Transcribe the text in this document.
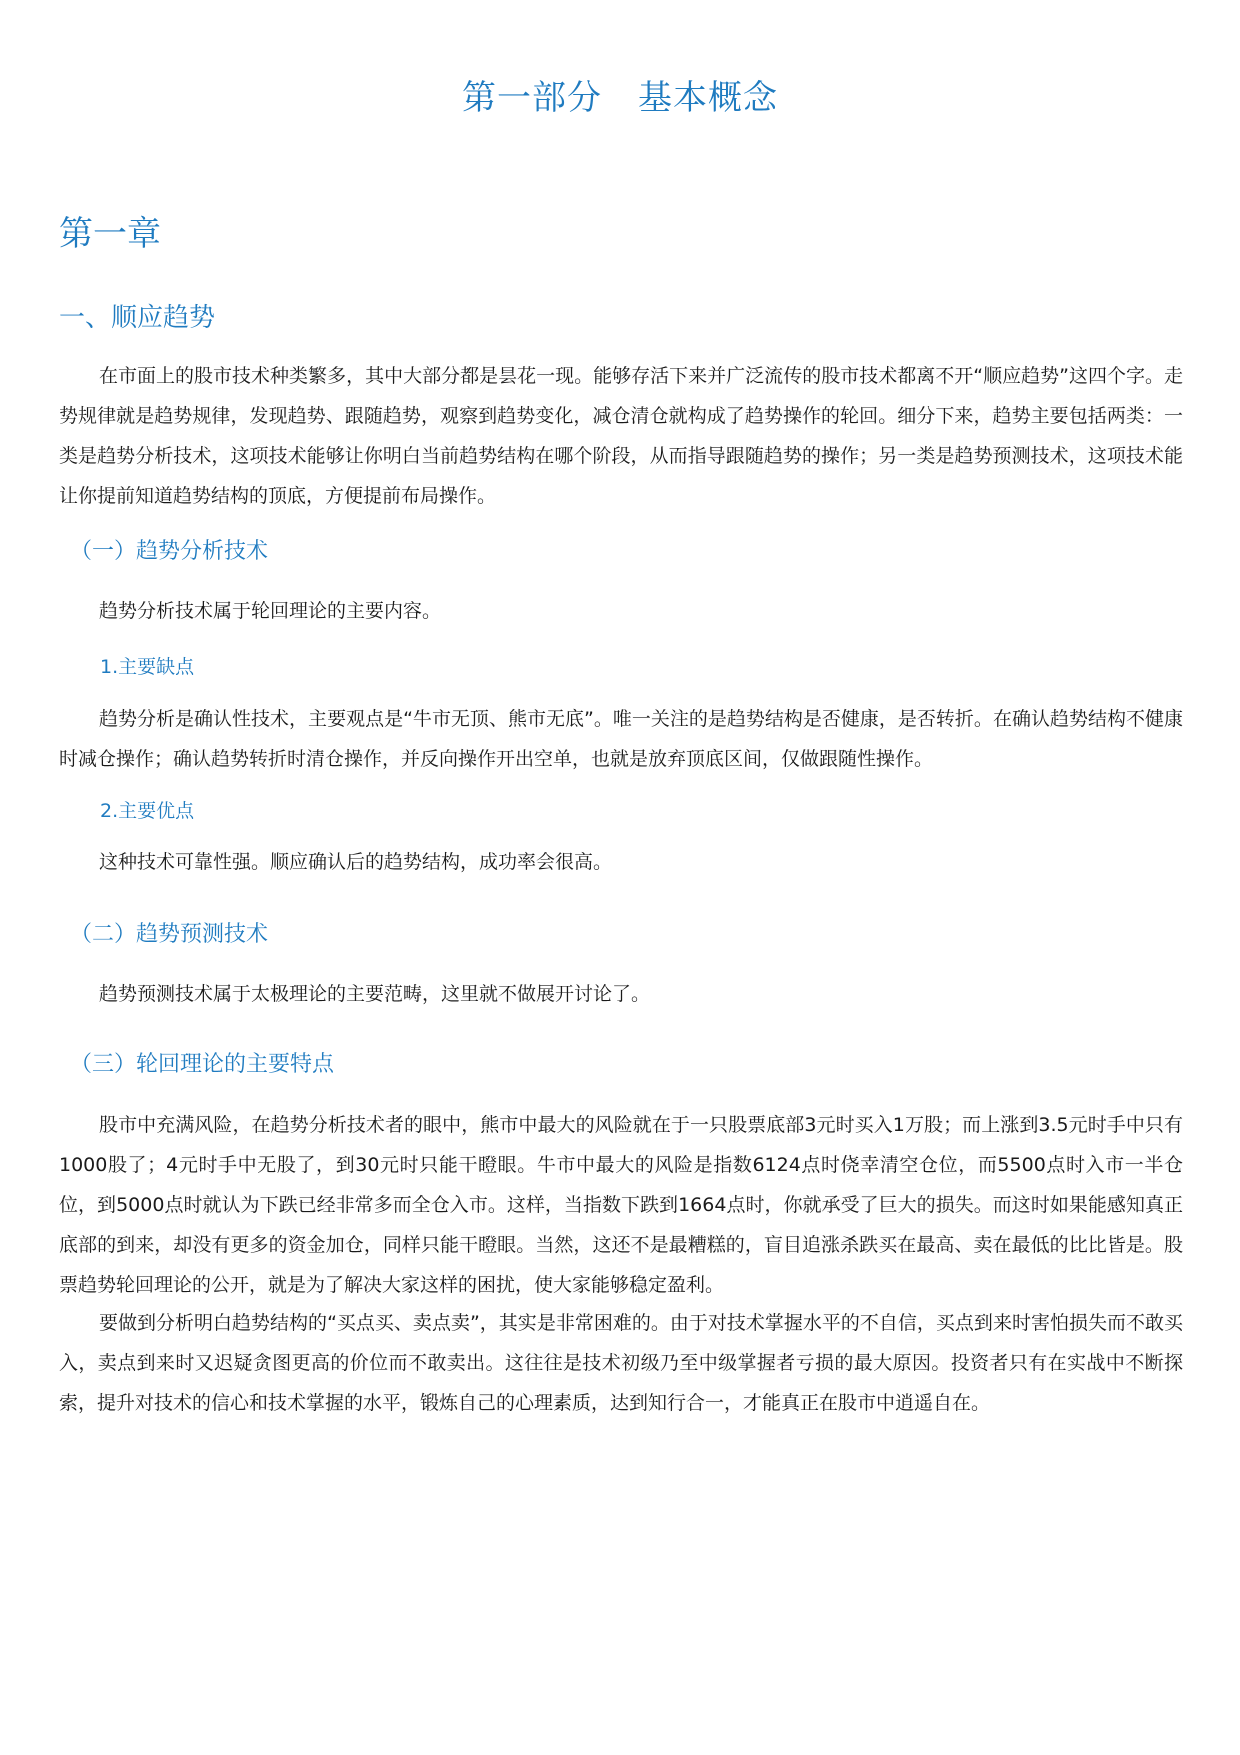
第一部分 基本概念
第一章
一、顺应趋势
在市面上的股市技术种类繁多，其中大部分都是昙花一现。能够存活下来并广泛流传的股市技术都离不开“顺应趋势”这四个字。走势规律就是趋势规律，发现趋势、跟随趋势，观察到趋势变化，减仓清仓就构成了趋势操作的轮回。细分下来，趋势主要包括两类：一类是趋势分析技术，这项技术能够让你明白当前趋势结构在哪个阶段，从而指导跟随趋势的操作；另一类是趋势预测技术，这项技术能让你提前知道趋势结构的顶底，方便提前布局操作。
（一）趋势分析技术
趋势分析技术属于轮回理论的主要内容。
1.主要缺点
趋势分析是确认性技术，主要观点是“牛市无顶、熊市无底”。唯一关注的是趋势结构是否健康，是否转折。在确认趋势结构不健康时减仓操作；确认趋势转折时清仓操作，并反向操作开出空单，也就是放弃顶底区间，仅做跟随性操作。
2.主要优点
这种技术可靠性强。顺应确认后的趋势结构，成功率会很高。
（二）趋势预测技术
趋势预测技术属于太极理论的主要范畴，这里就不做展开讨论了。
（三）轮回理论的主要特点
股市中充满风险，在趋势分析技术者的眼中，熊市中最大的风险就在于一只股票底部3元时买入1万股；而上涨到3.5元时手中只有1000股了；4元时手中无股了，到30元时只能干瞪眼。牛市中最大的风险是指数6124点时侥幸清空仓位，而5500点时入市一半仓位，到5000点时就认为下跌已经非常多而全仓入市。这样，当指数下跌到1664点时，你就承受了巨大的损失。而这时如果能感知真正底部的到来，却没有更多的资金加仓，同样只能干瞪眼。当然，这还不是最糟糕的，盲目追涨杀跌买在最高、卖在最低的比比皆是。股票趋势轮回理论的公开，就是为了解决大家这样的困扰，使大家能够稳定盈利。
要做到分析明白趋势结构的“买点买、卖点卖”，其实是非常困难的。由于对技术掌握水平的不自信，买点到来时害怕损失而不敢买入，卖点到来时又迟疑贪图更高的价位而不敢卖出。这往往是技术初级乃至中级掌握者亏损的最大原因。投资者只有在实战中不断探索，提升对技术的信心和技术掌握的水平，锻炼自己的心理素质，达到知行合一，才能真正在股市中逍遥自在。
